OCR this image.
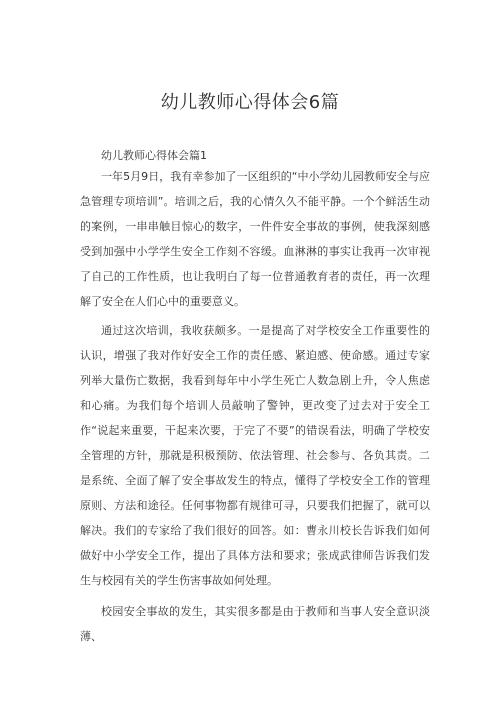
幼儿教师心得体会6篇
幼儿教师心得体会篇1

一年5月9日，我有幸参加了一区组织的“中小学幼儿园教师安全与应急管理专项培训”。培训之后，我的心情久久不能平静。一个个鲜活生动的案例，一串串触目惊心的数字，一件件安全事故的事例，使我深刻感受到加强中小学学生安全工作刻不容缓。血淋淋的事实让我再一次审视了自己的工作性质，也让我明白了每一位普通教育者的责任，再一次理解了安全在人们心中的重要意义。

通过这次培训，我收获颇多。一是提高了对学校安全工作重要性的认识，增强了我对作好安全工作的责任感、紧迫感、使命感。通过专家列举大量伤亡数据，我看到每年中小学生死亡人数急剧上升，令人焦虑和心痛。为我们每个培训人员敲响了警钟，更改变了过去对于安全工作“说起来重要，干起来次要，于完了不要”的错误看法，明确了学校安全管理的方针，那就是积极预防、依法管理、社会参与、各负其责。二是系统、全面了解了安全事故发生的特点，懂得了学校安全工作的管理原则、方法和途径。任何事物都有规律可寻，只要我们把握了，就可以解决。我们的专家给了我们很好的回答。如：曹永川校长告诉我们如何做好中小学安全工作，提出了具体方法和要求；张成武律师告诉我们发生与校园有关的学生伤害事故如何处理。

校园安全事故的发生，其实很多都是由于教师和当事人安全意识淡薄、
